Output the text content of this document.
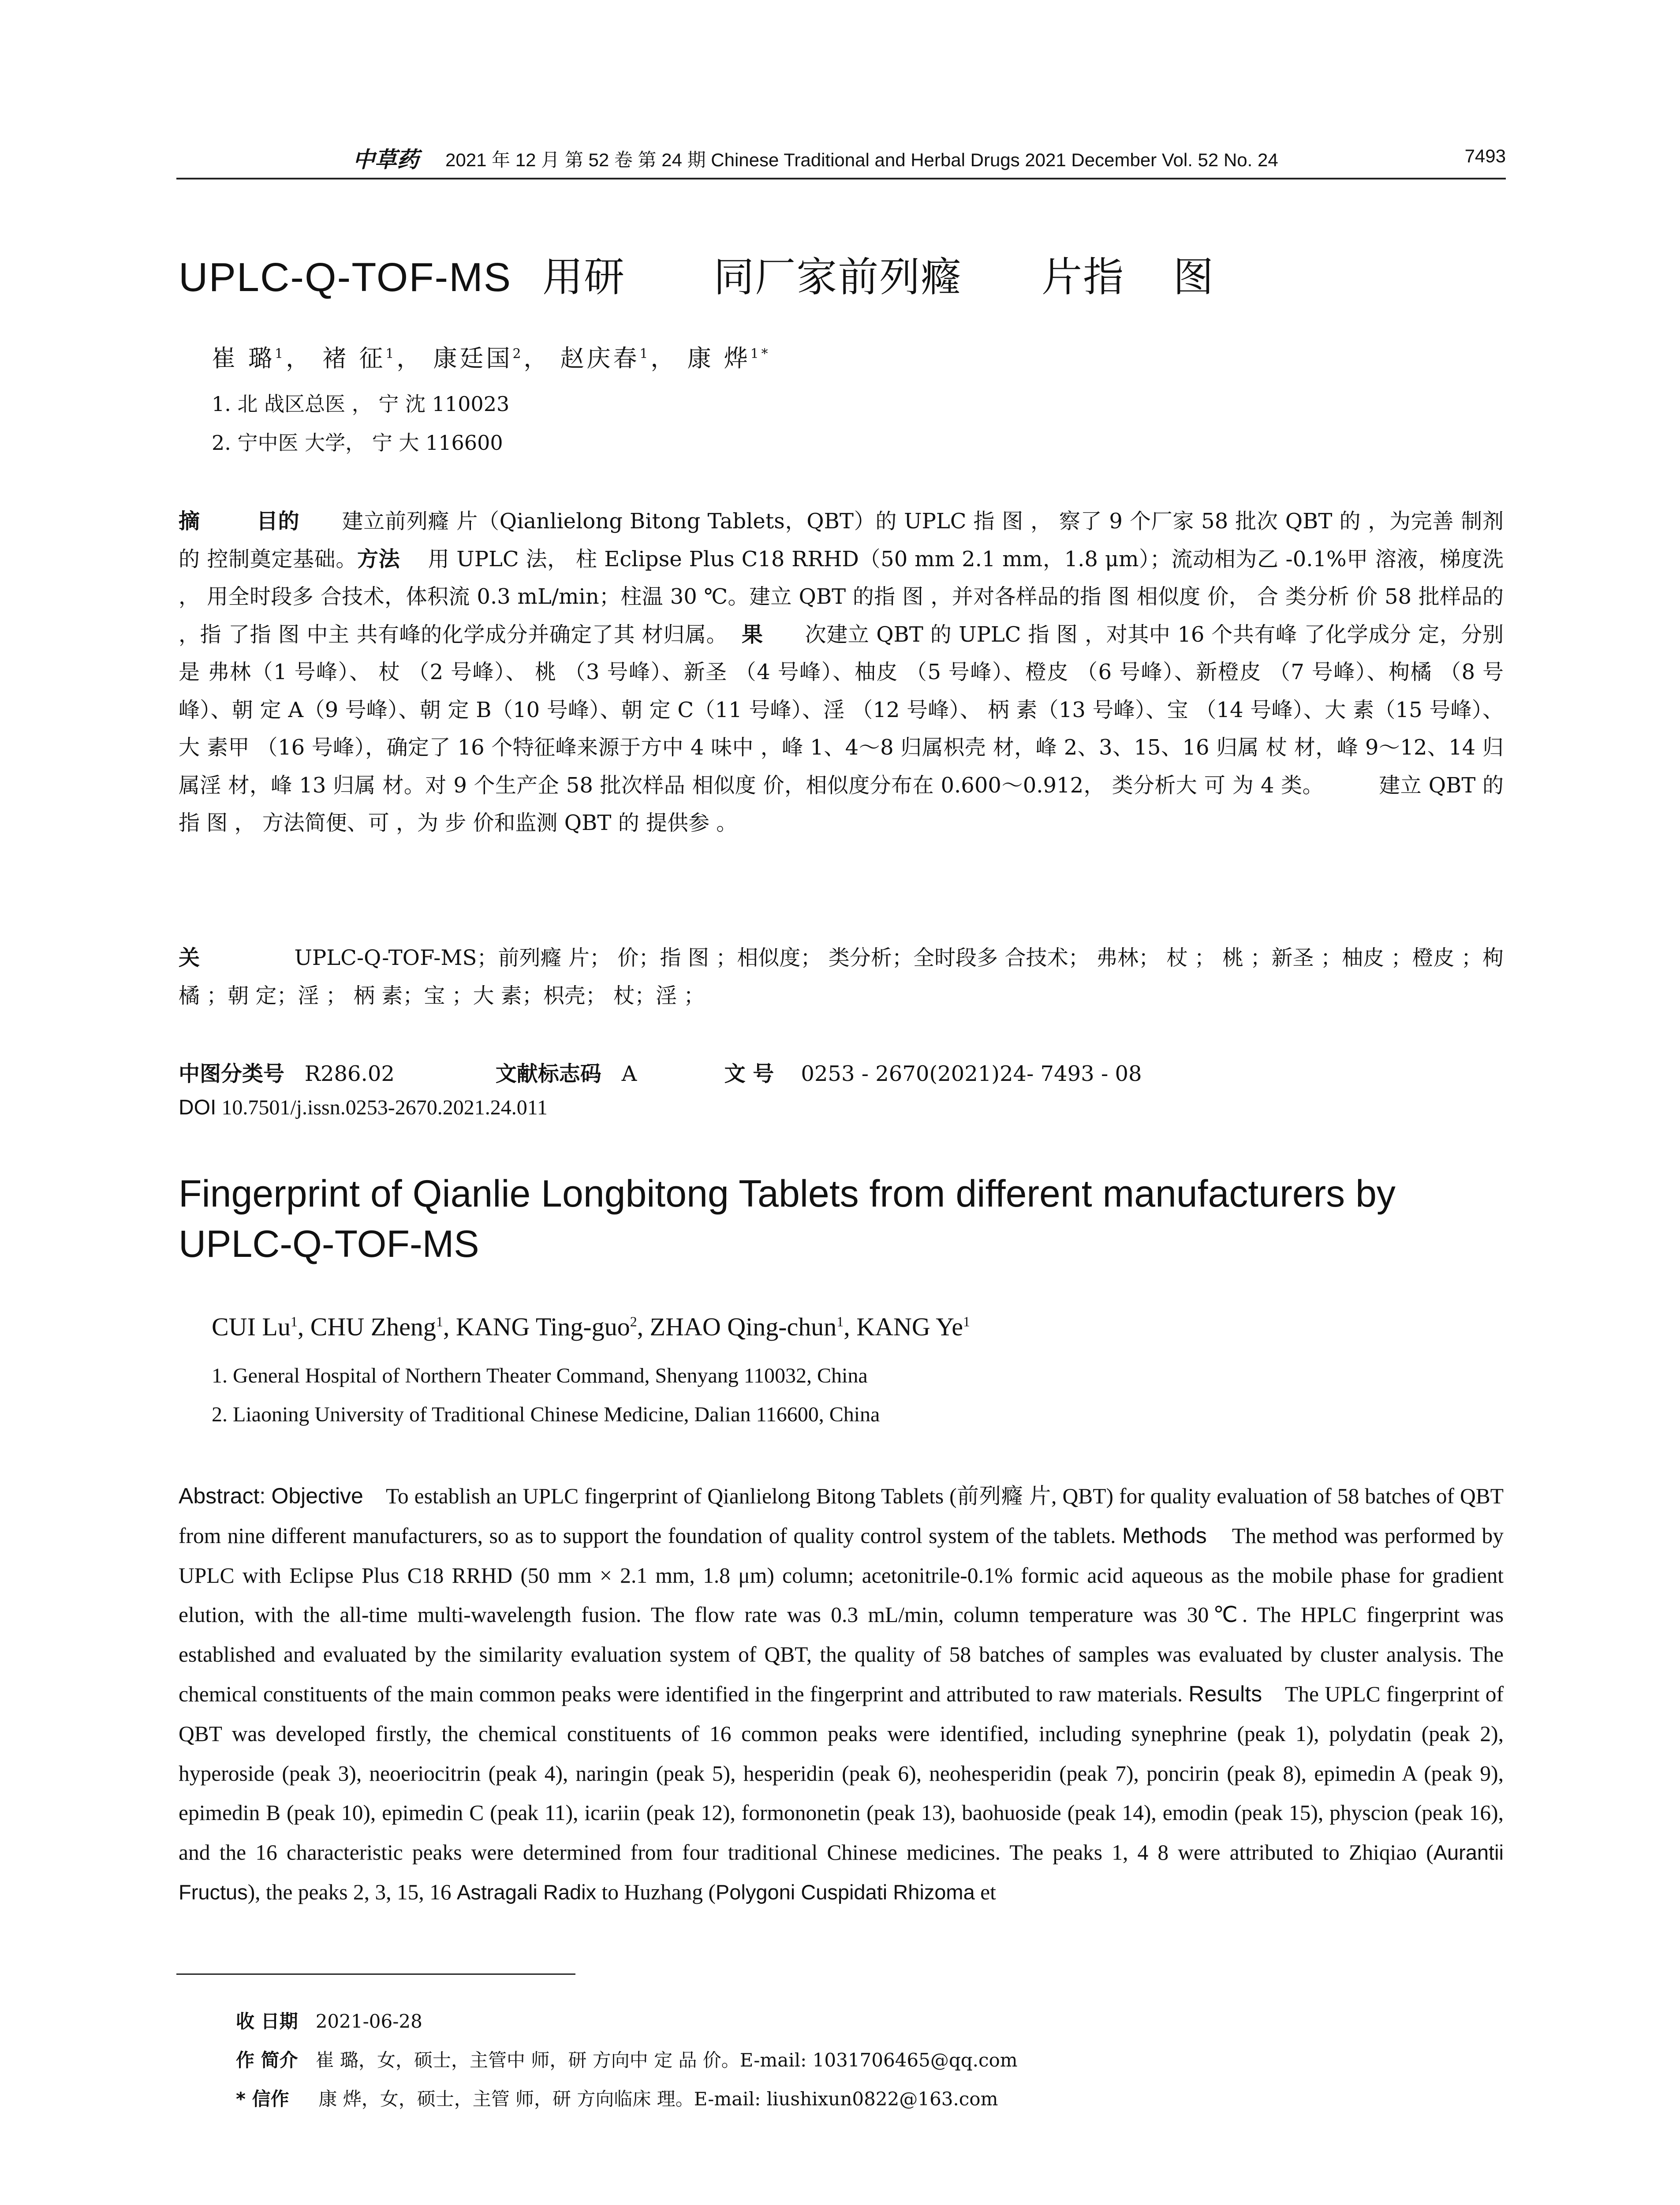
中草药 2021 年 12 月 第 52 卷 第 24 期 Chinese Traditional and Herbal Drugs 2021 December Vol. 52 No. 24	7493
UPLC-Q-TOF-MS 用研 同厂家前列癃 片指 图
崔 璐$^1$， 褚 征$^1$， 康廷国$^2$， 赵庆春$^1$， 康 烨$^{1*}$
1. 北 战区总医 ， 宁 沈 110023
2. 宁中医 大学， 宁 大 116600
摘	目的 建立前列癃 片（Qianlielong Bitong Tablets，QBT）的 UPLC 指 图 ， 察了 9 个厂家 58 批次 QBT 的 ，为完善 制剂的 控制奠定基础。方法 用 UPLC 法， 柱 Eclipse Plus C18 RRHD（50 mm 2.1 mm，1.8 μm）；流动相为乙 -0.1%甲 溶液，梯度洗 ， 用全时段多 合技术，体积流 0.3 mL/min；柱温 30 ℃。建立 QBT 的指 图 ，并对各样品的指 图 相似度 价， 合 类分析 价 58 批样品的 ，指 了指 图 中主 共有峰的化学成分并确定了其 材归属。 果 次建立 QBT 的 UPLC 指 图 ，对其中 16 个共有峰 了化学成分 定，分别是 弗林（1 号峰）、 杖 （2 号峰）、 桃 （3 号峰）、新圣 （4 号峰）、柚皮 （5 号峰）、橙皮 （6 号峰）、新橙皮 （7 号峰）、枸橘 （8 号峰）、朝 定 A（9 号峰）、朝 定 B（10 号峰）、朝 定 C（11 号峰）、淫 （12 号峰）、 柄 素（13 号峰）、宝 （14 号峰）、大 素（15 号峰）、大 素甲 （16 号峰），确定了 16 个特征峰来源于方中 4 味中 ，峰 1、4～8 归属枳壳 材，峰 2、3、15、16 归属 杖 材，峰 9～12、14 归属淫 材，峰 13 归属 材。对 9 个生产企 58 批次样品 相似度 价，相似度分布在 0.600～0.912， 类分析大 可 为 4 类。	建立 QBT 的指 图 ， 方法简便、可 ，为 步 价和监测 QBT 的 提供参 。
关	UPLC-Q-TOF-MS；前列癃 片； 价；指 图 ；相似度； 类分析；全时段多 合技术； 弗林； 杖 ； 桃 ；新圣 ；柚皮 ；橙皮 ；枸橘 ；朝 定；淫 ； 柄 素；宝 ；大 素；枳壳； 杖；淫 ；
中图分类号 R286.02	文献标志码 A	文 号 0253 - 2670(2021)24- 7493 - 08
DOI 10.7501/j.issn.0253-2670.2021.24.011
Fingerprint of Qianlie Longbitong Tablets from different manufacturers by UPLC-Q-TOF-MS
CUI Lu$^1$, CHU Zheng$^1$, KANG Ting-guo$^2$, ZHAO Qing-chun$^1$, KANG Ye$^1$
1. General Hospital of Northern Theater Command, Shenyang 110032, China
2. Liaoning University of Traditional Chinese Medicine, Dalian 116600, China
Abstract: Objective To establish an UPLC fingerprint of Qianlielong Bitong Tablets (前列癃 片, QBT) for quality evaluation of 58 batches of QBT from nine different manufacturers, so as to support the foundation of quality control system of the tablets. Methods The method was performed by UPLC with Eclipse Plus C18 RRHD (50 mm × 2.1 mm, 1.8 μm) column; acetonitrile-0.1% formic acid aqueous as the mobile phase for gradient elution, with the all-time multi-wavelength fusion. The flow rate was 0.3 mL/min, column temperature was 30℃. The HPLC fingerprint was established and evaluated by the similarity evaluation system of QBT, the quality of 58 batches of samples was evaluated by cluster analysis. The chemical constituents of the main common peaks were identified in the fingerprint and attributed to raw materials. Results The UPLC fingerprint of QBT was developed firstly, the chemical constituents of 16 common peaks were identified, including synephrine (peak 1), polydatin (peak 2), hyperoside (peak 3), neoeriocitrin (peak 4), naringin (peak 5), hesperidin (peak 6), neohesperidin (peak 7), poncirin (peak 8), epimedin A (peak 9), epimedin B (peak 10), epimedin C (peak 11), icariin (peak 12), formononetin (peak 13), baohuoside (peak 14), emodin (peak 15), physcion (peak 16), and the 16 characteristic peaks were determined from four traditional Chinese medicines. The peaks 1, 4 8 were attributed to Zhiqiao (Aurantii Fructus), the peaks 2, 3, 15, 16 Astragali Radix to Huzhang (Polygoni Cuspidati Rhizoma et
收 日期 2021-06-28
作 简介 崔 璐，女，硕士，主管中 师，研 方向中 定 品 价。E-mail: 1031706465@qq.com
* 信作 康 烨，女，硕士，主管 师，研 方向临床 理。E-mail: liushixun0822@163.com
